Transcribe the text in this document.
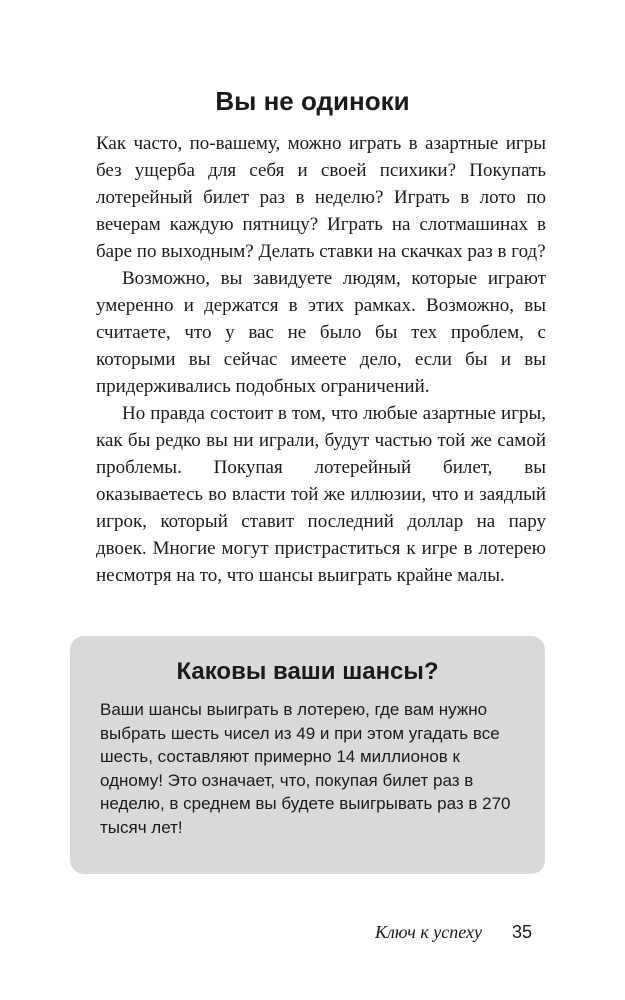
Вы не одиноки

Как часто, по-вашему, можно играть в азартные игры без ущерба для себя и своей психики? Покупать лотерейный билет раз в неделю? Играть в лото по вечерам каждую пятницу? Играть на слотмашинах в баре по выходным? Делать ставки на скачках раз в год?

Возможно, вы завидуете людям, которые играют умеренно и держатся в этих рамках. Возможно, вы считаете, что у вас не было бы тех проблем, с которыми вы сейчас имеете дело, если бы и вы придерживались подобных ограничений.

Но правда состоит в том, что любые азартные игры, как бы редко вы ни играли, будут частью той же самой проблемы. Покупая лотерейный билет, вы оказываетесь во власти той же иллюзии, что и заядлый игрок, который ставит последний доллар на пару двоек. Многие могут пристраститься к игре в лотерею несмотря на то, что шансы выиграть крайне малы.

Каковы ваши шансы?

Ваши шансы выиграть в лотерею, где вам нужно выбрать шесть чисел из 49 и при этом угадать все шесть, составляют примерно 14 миллионов к одному! Это означает, что, покупая билет раз в неделю, в среднем вы будете выигрывать раз в 270 тысяч лет!

Ключ к успеху 35
